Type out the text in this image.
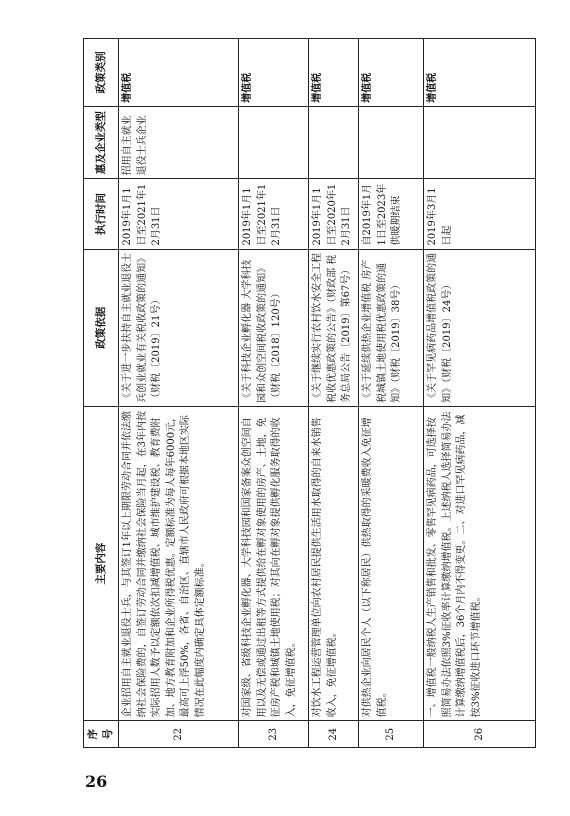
26
序号	主要内容	政策依据	执行时间	惠及企业类型	政策类别
22	企业招用自主就业退役士兵，与其签订1年以上期限劳动合同并依法缴纳社会保险费的，自签订劳动合同并缴纳社会保险当月起，在3年内按实际招用人数予以定额依次扣减增值税、城市维护建设税、教育费附加、地方教育附加和企业所得税优惠。定额标准为每人每年6000元，最高可上浮50%，各省、自治区、直辖市人民政府可根据本地区实际情况在此幅度内确定具体定额标准。	《关于进一步扶持自主就业退役士兵创业就业有关税收政策的通知》（财税〔2019〕21号）	2019年1月1日至2021年12月31日	招用自主就业退役士兵企业	增值税
23	对国家级、省级科技企业孵化器、大学科技园和国家备案众创空间自用以及无偿或通过出租等方式提供给在孵对象使用的房产、土地，免征房产税和城镇土地使用税；对其向在孵对象提供孵化服务取得的收入，免征增值税。	《关于科技企业孵化器 大学科技园和众创空间税收政策的通知》（财税〔2018〕120号）	2019年1月1日至2021年12月31日		增值税
24	对饮水工程运营管理单位向农村居民提供生活用水取得的自来水销售收入，免征增值税。	《关于继续实行农村饮水安全工程税收优惠政策的公告》（财政部 税务总局公告〔2019〕第67号）	2019年1月1日至2020年12月31日		增值税
25	对供热企业向居民个人（以下称居民）供热取得的采暖费收入免征增值税。	《关于延续供热企业增值税 房产税城镇土地使用税优惠政策的通知》（财税〔2019〕38号）	自2019年1月1日至2023年供暖期结束		增值税
26	一、增值税一般纳税人生产销售和批发、零售罕见病药品，可选择按照简易办法依照3%征收率计算缴纳增值税。上述纳税人选择简易办法计算缴纳增值税后，36个月内不得变更。二、对进口罕见病药品，减按3%征收进口环节增值税。	《关于罕见病药品增值税政策的通知》（财税〔2019〕24号）	2019年3月1日起		增值税
